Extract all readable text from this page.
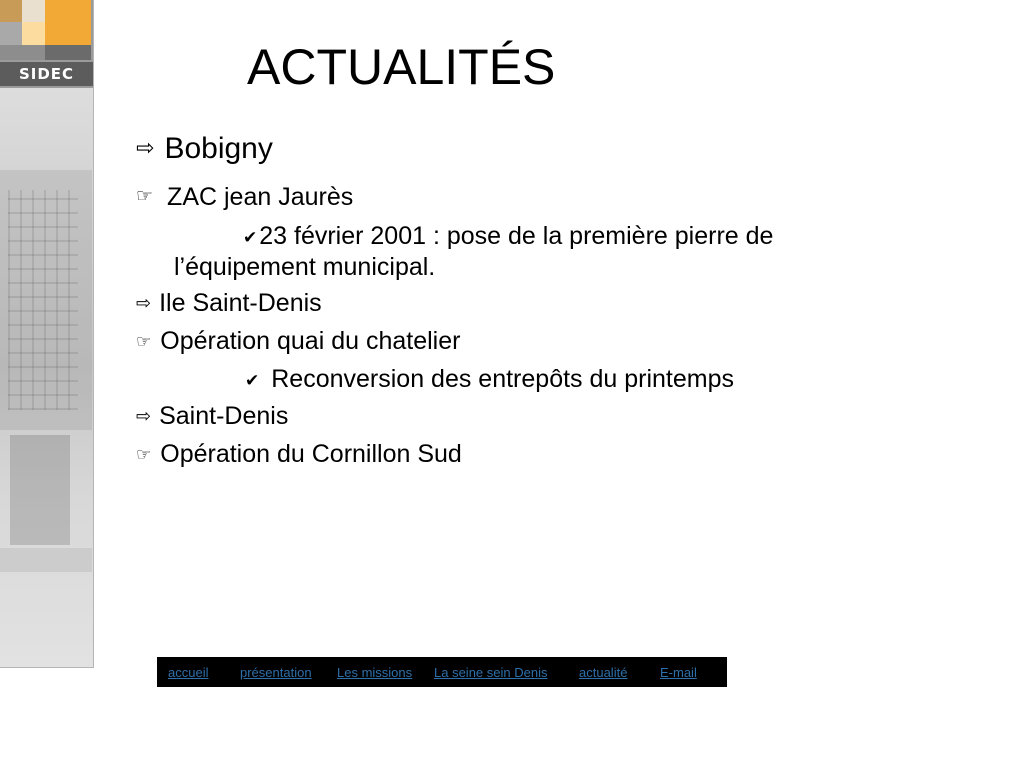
SIDEC	ACTUALITÉS
⇨ Bobigny
☞ ZAC jean Jaurès
✔23 février 2001 : pose de la première pierre de
l’équipement municipal.
⇨ Ile Saint-Denis
☞ Opération quai du chatelier
✔ Reconversion des entrepôts du printemps
⇨ Saint-Denis
☞ Opération du Cornillon Sud
accueil présentation Les missions La seine sein Denis actualité	E-mail
